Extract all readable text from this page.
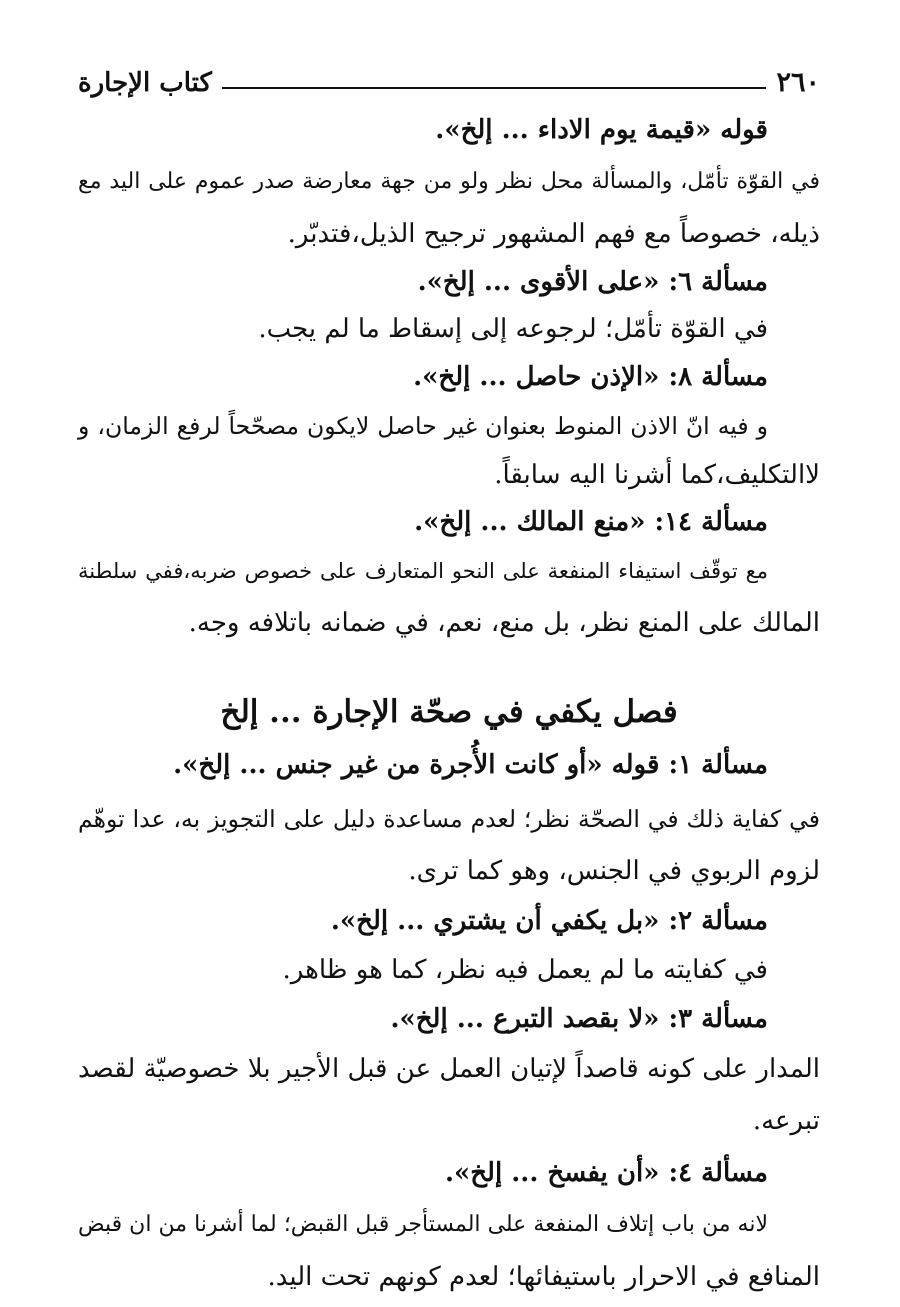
٢٦٠
كتاب الإجارة
قوله «قيمة يوم الاداء ... إلخ».
في القوّة تأمّل، والمسألة محل نظر ولو من جهة معارضة صدر عموم على اليد مع
ذيله، خصوصاً مع فهم المشهور ترجيح الذيل،فتدبّر.
مسألة ٦: «على الأقوى ... إلخ».
في القوّة تأمّل؛ لرجوعه إلى إسقاط ما لم يجب.
مسألة ٨: «الإذن حاصل ... إلخ».
و فيه انّ الاذن المنوط بعنوان غير حاصل لايكون مصحّحاً لرفع الزمان، و
لاالتكليف،كما أشرنا اليه سابقاً.
مسألة ١٤: «منع المالك ... إلخ».
مع توقّف استيفاء المنفعة على النحو المتعارف على خصوص ضربه،ففي سلطنة
المالك على المنع نظر، بل منع، نعم، في ضمانه باتلافه وجه.
فصل يكفي في صحّة الإجارة ... إلخ
مسألة ١: قوله «أو كانت الأُجرة من غير جنس ... إلخ».
في كفاية ذلك في الصحّة نظر؛ لعدم مساعدة دليل على التجويز به، عدا توهّم
لزوم الربوي في الجنس، وهو كما ترى.
مسألة ٢: «بل يكفي أن يشتري ... إلخ».
في كفايته ما لم يعمل فيه نظر، كما هو ظاهر.
مسألة ٣: «لا بقصد التبرع ... إلخ».
المدار على كونه قاصداً لإتيان العمل عن قبل الأجير بلا خصوصيّة لقصد
تبرعه.
مسألة ٤: «أن يفسخ ... إلخ».
لانه من باب إتلاف المنفعة على المستأجر قبل القبض؛ لما أشرنا من ان قبض
المنافع في الاحرار باستيفائها؛ لعدم كونهم تحت اليد.
